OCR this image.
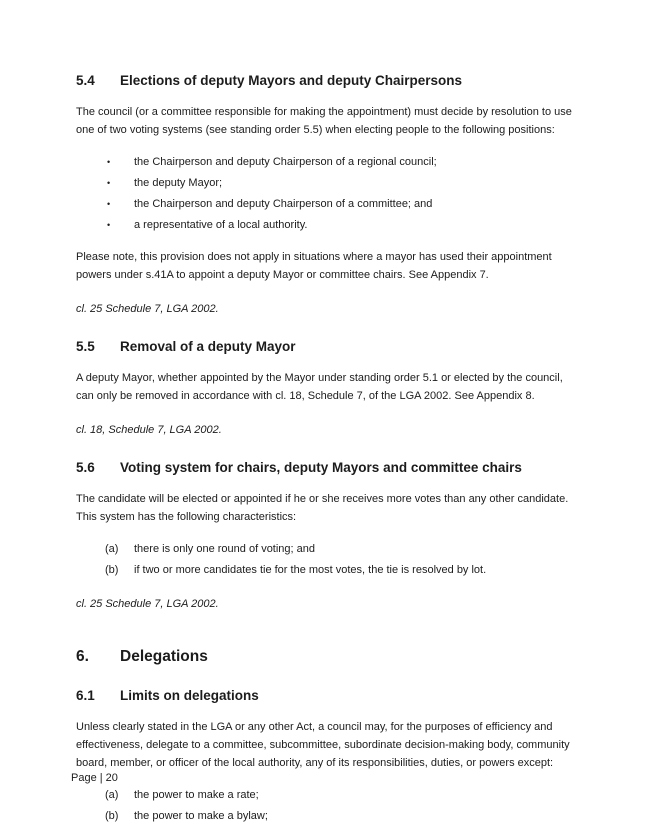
5.4	Elections of deputy Mayors and deputy Chairpersons

The council (or a committee responsible for making the appointment) must decide by resolution to use one of two voting systems (see standing order 5.5) when electing people to the following positions:

•	the Chairperson and deputy Chairperson of a regional council;
•	the deputy Mayor;
•	the Chairperson and deputy Chairperson of a committee; and
•	a representative of a local authority.

Please note, this provision does not apply in situations where a mayor has used their appointment powers under s.41A to appoint a deputy Mayor or committee chairs. See Appendix 7.

cl. 25 Schedule 7, LGA 2002.

5.5	Removal of a deputy Mayor

A deputy Mayor, whether appointed by the Mayor under standing order 5.1 or elected by the council, can only be removed in accordance with cl. 18, Schedule 7, of the LGA 2002. See Appendix 8.

cl. 18, Schedule 7, LGA 2002.

5.6	Voting system for chairs, deputy Mayors and committee chairs

The candidate will be elected or appointed if he or she receives more votes than any other candidate. This system has the following characteristics:

(a)	there is only one round of voting; and
(b)	if two or more candidates tie for the most votes, the tie is resolved by lot.

cl. 25 Schedule 7, LGA 2002.

6.	Delegations
6.1	Limits on delegations

Unless clearly stated in the LGA or any other Act, a council may, for the purposes of efficiency and effectiveness, delegate to a committee, subcommittee, subordinate decision-making body, community board, member, or officer of the local authority, any of its responsibilities, duties, or powers except:

(a)	the power to make a rate;
(b)	the power to make a bylaw;
Page | 20
